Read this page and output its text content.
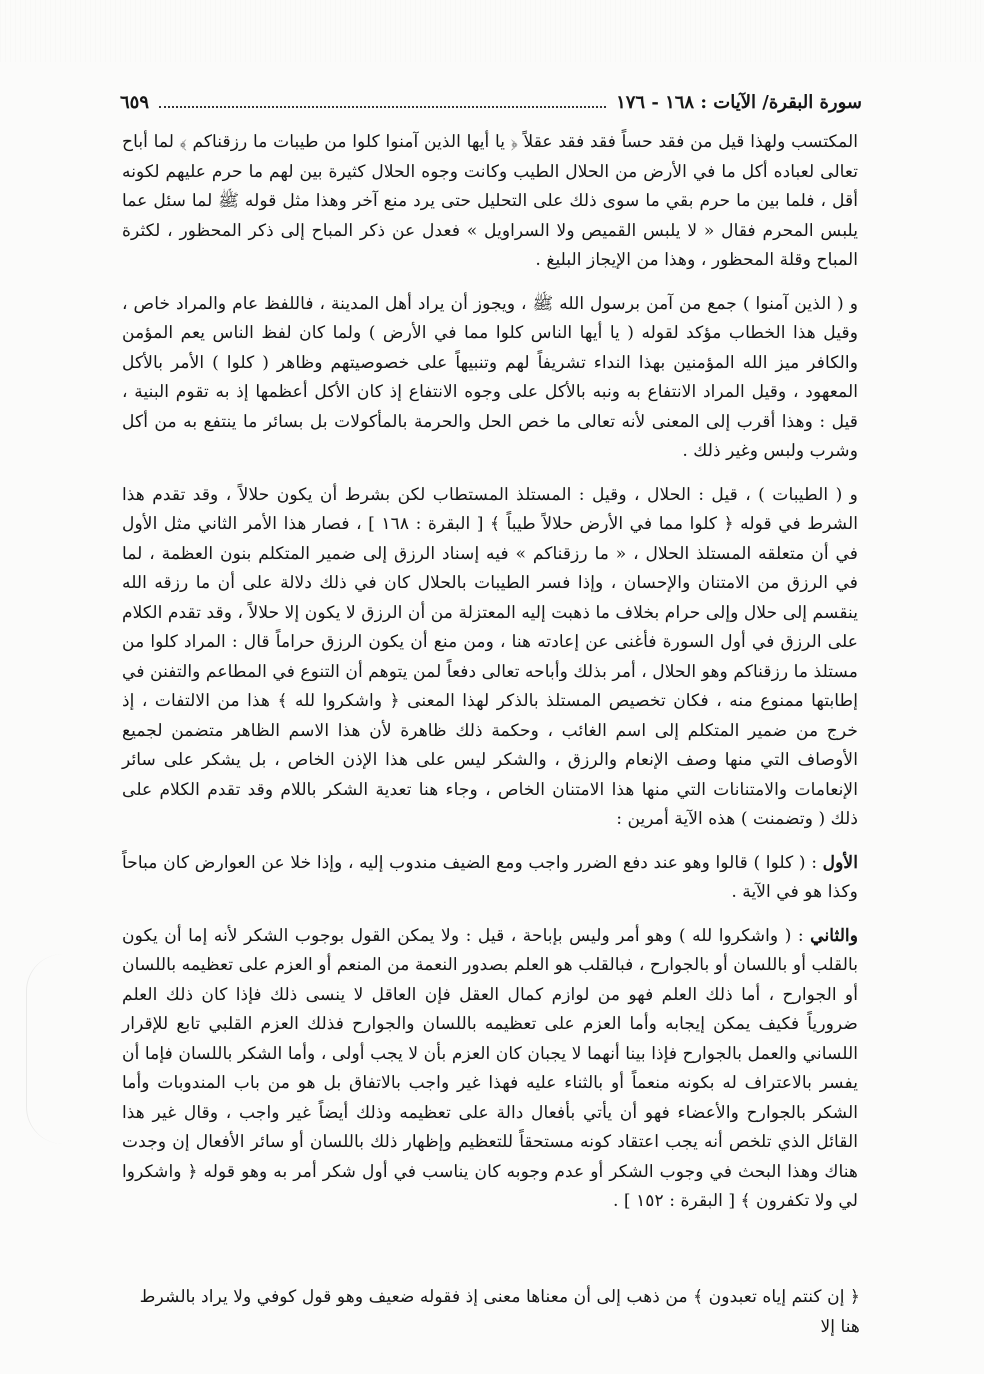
سورة البقرة/ الآيات : ١٦٨ - ١٧٦
٦٥٩

المكتسب ولهذا قيل من فقد حساً فقد فقد عقلاً ﴿ يا أيها الذين آمنوا كلوا من طيبات ما رزقناكم ﴾ لما أباح تعالى لعباده أكل ما في الأرض من الحلال الطيب وكانت وجوه الحلال كثيرة بين لهم ما حرم عليهم لكونه أقل ، فلما بين ما حرم بقي ما سوى ذلك على التحليل حتى يرد منع آخر وهذا مثل قوله ﷺ لما سئل عما يلبس المحرم فقال « لا يلبس القميص ولا السراويل » فعدل عن ذكر المباح إلى ذكر المحظور ، لكثرة المباح وقلة المحظور ، وهذا من الإيجاز البليغ .

و ( الذين آمنوا ) جمع من آمن برسول الله ﷺ ، ويجوز أن يراد أهل المدينة ، فاللفظ عام والمراد خاص ، وقيل هذا الخطاب مؤكد لقوله ( يا أيها الناس كلوا مما في الأرض ) ولما كان لفظ الناس يعم المؤمن والكافر ميز الله المؤمنين بهذا النداء تشريفاً لهم وتنبيهاً على خصوصيتهم وظاهر ( كلوا ) الأمر بالأكل المعهود ، وقيل المراد الانتفاع به ونبه بالأكل على وجوه الانتفاع إذ كان الأكل أعظمها إذ به تقوم البنية ، قيل : وهذا أقرب إلى المعنى لأنه تعالى ما خص الحل والحرمة بالمأكولات بل بسائر ما ينتفع به من أكل وشرب ولبس وغير ذلك .

و ( الطيبات ) ، قيل : الحلال ، وقيل : المستلذ المستطاب لكن بشرط أن يكون حلالاً ، وقد تقدم هذا الشرط في قوله ﴿ كلوا مما في الأرض حلالاً طيباً ﴾ [ البقرة : ١٦٨ ] ، فصار هذا الأمر الثاني مثل الأول في أن متعلقه المستلذ الحلال ، « ما رزقناكم » فيه إسناد الرزق إلى ضمير المتكلم بنون العظمة ، لما في الرزق من الامتنان والإحسان ، وإذا فسر الطيبات بالحلال كان في ذلك دلالة على أن ما رزقه الله ينقسم إلى حلال وإلى حرام بخلاف ما ذهبت إليه المعتزلة من أن الرزق لا يكون إلا حلالاً ، وقد تقدم الكلام على الرزق في أول السورة فأغنى عن إعادته هنا ، ومن منع أن يكون الرزق حراماً قال : المراد كلوا من مستلذ ما رزقناكم وهو الحلال ، أمر بذلك وأباحه تعالى دفعاً لمن يتوهم أن التنوع في المطاعم والتفنن في إطابتها ممنوع منه ، فكان تخصيص المستلذ بالذكر لهذا المعنى ﴿ واشكروا لله ﴾ هذا من الالتفات ، إذ خرج من ضمير المتكلم إلى اسم الغائب ، وحكمة ذلك ظاهرة لأن هذا الاسم الظاهر متضمن لجميع الأوصاف التي منها وصف الإنعام والرزق ، والشكر ليس على هذا الإذن الخاص ، بل يشكر على سائر الإنعامات والامتنانات التي منها هذا الامتنان الخاص ، وجاء هنا تعدية الشكر باللام وقد تقدم الكلام على ذلك ( وتضمنت ) هذه الآية أمرين :

الأول : ( كلوا ) قالوا وهو عند دفع الضرر واجب ومع الضيف مندوب إليه ، وإذا خلا عن العوارض كان مباحاً وكذا هو في الآية .

والثاني : ( واشكروا لله ) وهو أمر وليس بإباحة ، قيل : ولا يمكن القول بوجوب الشكر لأنه إما أن يكون بالقلب أو باللسان أو بالجوارح ، فبالقلب هو العلم بصدور النعمة من المنعم أو العزم على تعظيمه باللسان أو الجوارح ، أما ذلك العلم فهو من لوازم كمال العقل فإن العاقل لا ينسى ذلك فإذا كان ذلك العلم ضرورياً فكيف يمكن إيجابه وأما العزم على تعظيمه باللسان والجوارح فذلك العزم القلبي تابع للإقرار اللساني والعمل بالجوارح فإذا بينا أنهما لا يجبان كان العزم بأن لا يجب أولى ، وأما الشكر باللسان فإما أن يفسر بالاعتراف له بكونه منعماً أو بالثناء عليه فهذا غير واجب بالاتفاق بل هو من باب المندوبات وأما الشكر بالجوارح والأعضاء فهو أن يأتي بأفعال دالة على تعظيمه وذلك أيضاً غير واجب ، وقال غير هذا القائل الذي تلخص أنه يجب اعتقاد كونه مستحقاً للتعظيم وإظهار ذلك باللسان أو سائر الأفعال إن وجدت هناك وهذا البحث في وجوب الشكر أو عدم وجوبه كان يناسب في أول شكر أمر به وهو قوله ﴿ واشكروا لي ولا تكفرون ﴾ [ البقرة : ١٥٢ ] .

﴿ إن كنتم إياه تعبدون ﴾ من ذهب إلى أن معناها معنى إذ فقوله ضعيف وهو قول كوفي ولا يراد بالشرط هنا إلا
